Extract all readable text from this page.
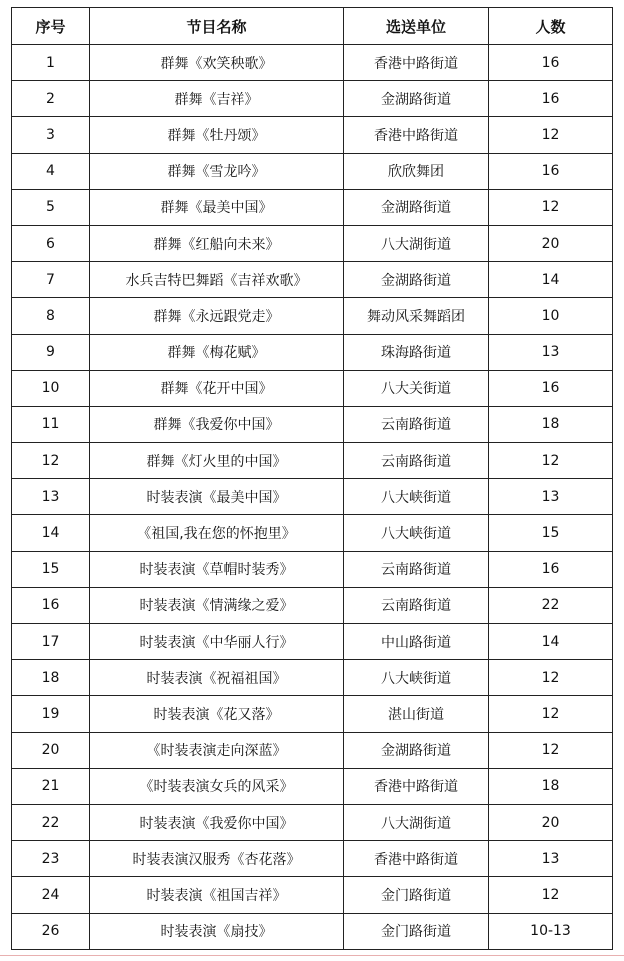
序号	节目名称	选送单位	人数
1	群舞《欢笑秧歌》	香港中路街道	16
2	群舞《吉祥》	金湖路街道	16
3	群舞《牡丹颂》	香港中路街道	12
4	群舞《雪龙吟》	欣欣舞团	16
5	群舞《最美中国》	金湖路街道	12
6	群舞《红船向未来》	八大湖街道	20
7	水兵吉特巴舞蹈《吉祥欢歌》	金湖路街道	14
8	群舞《永远跟党走》	舞动风采舞蹈团	10
9	群舞《梅花赋》	珠海路街道	13
10	群舞《花开中国》	八大关街道	16
11	群舞《我爱你中国》	云南路街道	18
12	群舞《灯火里的中国》	云南路街道	12
13	时装表演《最美中国》	八大峡街道	13
14	《祖国,我在您的怀抱里》	八大峡街道	15
15	时装表演《草帽时装秀》	云南路街道	16
16	时装表演《情满缘之爱》	云南路街道	22
17	时装表演《中华丽人行》	中山路街道	14
18	时装表演《祝福祖国》	八大峡街道	12
19	时装表演《花又落》	湛山街道	12
20	《时装表演走向深蓝》	金湖路街道	12
21	《时装表演女兵的风采》	香港中路街道	18
22	时装表演《我爱你中国》	八大湖街道	20
23	时装表演汉服秀《杏花落》	香港中路街道	13
24	时装表演《祖国吉祥》	金门路街道	12
26	时装表演《扇技》	金门路街道	10-13
